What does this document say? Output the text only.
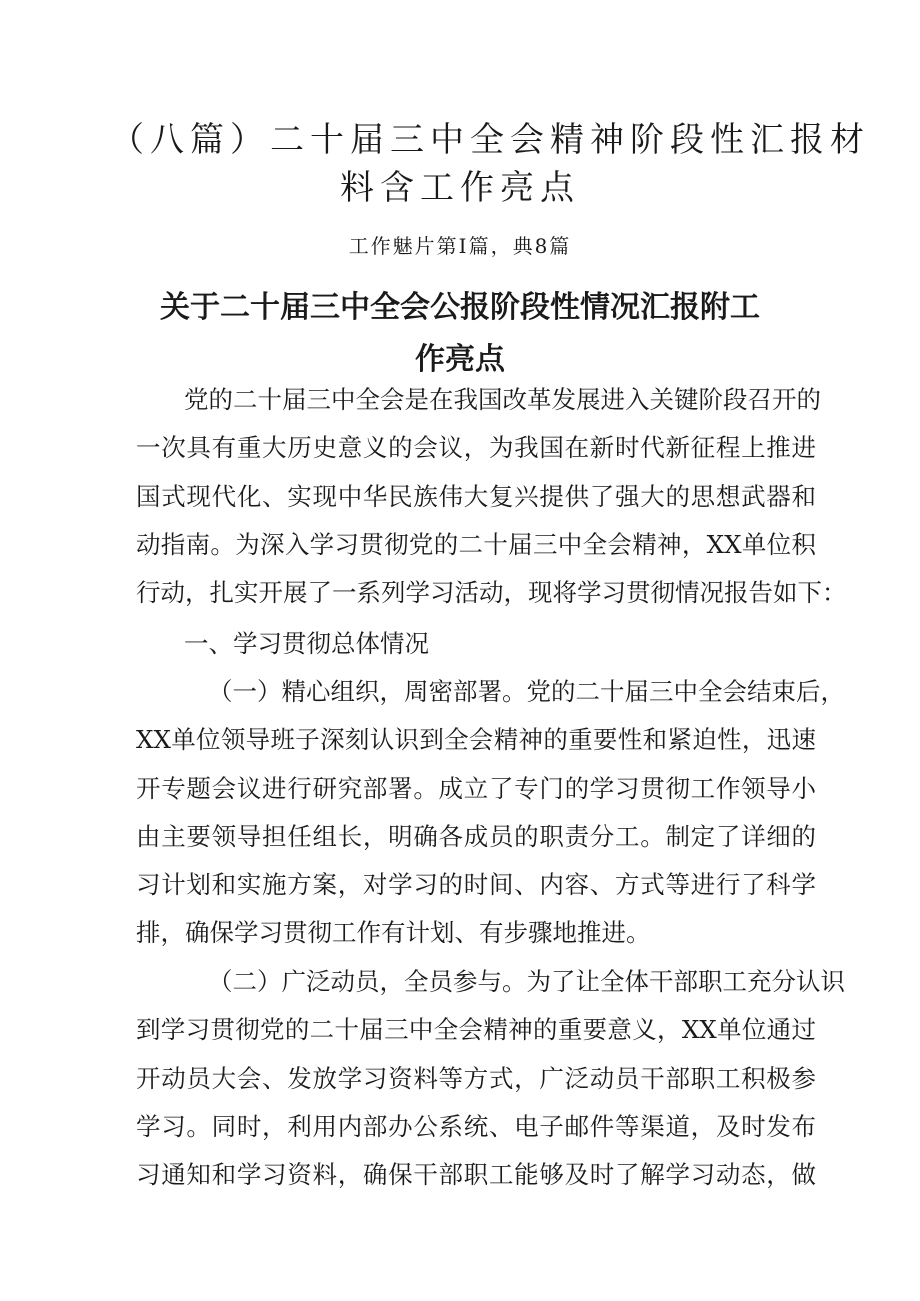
（八篇）二十届三中全会精神阶段性汇报材
料含工作亮点

工作魅片第Ⅰ篇，典8篇

关于二十届三中全会公报阶段性情况汇报附工
作亮点
党的二十届三中全会是在我国改革发展进入关键阶段召开的
一次具有重大历史意义的会议，为我国在新时代新征程上推进
国式现代化、实现中华民族伟大复兴提供了强大的思想武器和
动指南。为深入学习贯彻党的二十届三中全会精神，XX单位积
行动，扎实开展了一系列学习活动，现将学习贯彻情况报告如下：

一、学习贯彻总体情况

（一）精心组织，周密部署。党的二十届三中全会结束后，
XX单位领导班子深刻认识到全会精神的重要性和紧迫性，迅速
开专题会议进行研究部署。成立了专门的学习贯彻工作领导小
由主要领导担任组长，明确各成员的职责分工。制定了详细的
习计划和实施方案，对学习的时间、内容、方式等进行了科学
排，确保学习贯彻工作有计划、有步骤地推进。
（二）广泛动员，全员参与。为了让全体干部职工充分认识
到学习贯彻党的二十届三中全会精神的重要意义，XX单位通过
开动员大会、发放学习资料等方式，广泛动员干部职工积极参
学习。同时，利用内部办公系统、电子邮件等渠道，及时发布
习通知和学习资料，确保干部职工能够及时了解学习动态，做
